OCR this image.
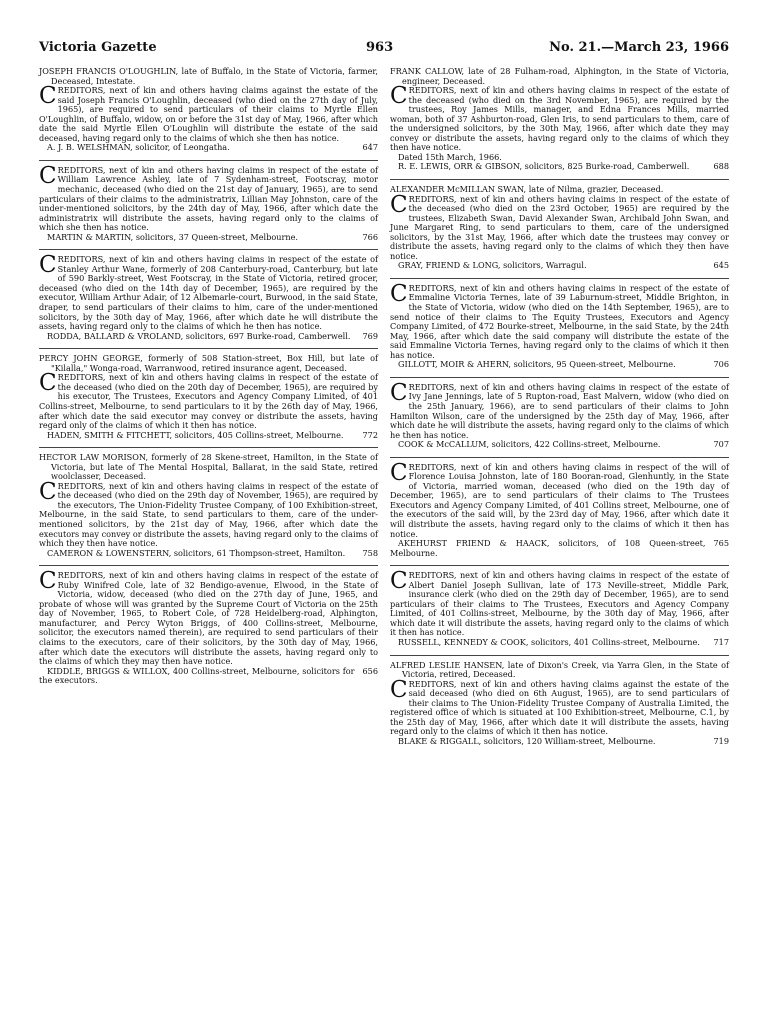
Victoria Gazette	963	No. 21.—March 23, 1966

JOSEPH FRANCIS O'LOUGHLIN, late of Buffalo, in the State of Victoria, farmer, Deceased, Intestate.

CREDITORS, next of kin and others having claims against the estate of the said Joseph Francis O'Loughlin, deceased (who died on the 27th day of July, 1965), are required to send particulars of their claims to Myrtle Ellen O'Loughlin, of Buffalo, widow, on or before the 31st day of May, 1966, after which date the said Myrtle Ellen O'Loughlin will distribute the estate of the said deceased, having regard only to the claims of which she then has notice.

647
A. J. B. WELSHMAN, solicitor, of Leongatha.

CREDITORS, next of kin and others having claims in respect of the estate of William Lawrence Ashley, late of 7 Sydenham-street, Footscray, motor mechanic, deceased (who died on the 21st day of January, 1965), are to send particulars of their claims to the administratrix, Lillian May Johnston, care of the under-mentioned solicitors, by the 24th day of May, 1966, after which date the administratrix will distribute the assets, having regard only to the claims of which she then has notice.

766
MARTIN & MARTIN, solicitors, 37 Queen-street, Melbourne.

CREDITORS, next of kin and others having claims in respect of the estate of Stanley Arthur Wane, formerly of 208 Canterbury-road, Canterbury, but late of 590 Barkly-street, West Footscray, in the State of Victoria, retired grocer, deceased (who died on the 14th day of December, 1965), are required by the executor, William Arthur Adair, of 12 Albemarle-court, Burwood, in the said State, draper, to send particulars of their claims to him, care of the under-mentioned solicitors, by the 30th day of May, 1966, after which date he will distribute the assets, having regard only to the claims of which he then has notice.

769
RODDA, BALLARD & VROLAND, solicitors, 697 Burke-road, Camberwell.

PERCY JOHN GEORGE, formerly of 508 Station-street, Box Hill, but late of "Kilalla," Wonga-road, Warranwood, retired insurance agent, Deceased.

CREDITORS, next of kin and others having claims in respect of the estate of the deceased (who died on the 20th day of December, 1965), are required by his executor, The Trustees, Executors and Agency Company Limited, of 401 Collins-street, Melbourne, to send particulars to it by the 26th day of May, 1966, after which date the said executor may convey or distribute the assets, having regard only of the claims of which it then has notice.

772
HADEN, SMITH & FITCHETT, solicitors, 405 Collins-street, Melbourne.

HECTOR LAW MORISON, formerly of 28 Skene-street, Hamilton, in the State of Victoria, but late of The Mental Hospital, Ballarat, in the said State, retired woolclasser, Deceased.

CREDITORS, next of kin and others having claims in respect of the estate of the deceased (who died on the 29th day of November, 1965), are required by the executors, The Union-Fidelity Trustee Company, of 100 Exhibition-street, Melbourne, in the said State, to send particulars to them, care of the under-mentioned solicitors, by the 21st day of May, 1966, after which date the executors may convey or distribute the assets, having regard only to the claims of which they then have notice.

758
CAMERON & LOWENSTERN, solicitors, 61 Thompson-street, Hamilton.

CREDITORS, next of kin and others having claims in respect of the estate of Ruby Winifred Cole, late of 32 Bendigo-avenue, Elwood, in the State of Victoria, widow, deceased (who died on the 27th day of June, 1965, and probate of whose will was granted by the Supreme Court of Victoria on the 25th day of November, 1965, to Robert Cole, of 728 Heidelberg-road, Alphington, manufacturer, and Percy Wyton Briggs, of 400 Collins-street, Melbourne, solicitor, the executors named therein), are required to send particulars of their claims to the executors, care of their solicitors, by the 30th day of May, 1966, after which date the executors will distribute the assets, having regard only to the claims of which they may then have notice.

656
KIDDLE, BRIGGS & WILLOX, 400 Collins-street, Melbourne, solicitors for the executors.

FRANK CALLOW, late of 28 Fulham-road, Alphington, in the State of Victoria, engineer, Deceased.

CREDITORS, next of kin and others having claims in respect of the estate of the deceased (who died on the 3rd November, 1965), are required by the trustees, Roy James Mills, manager, and Edna Frances Mills, married woman, both of 37 Ashburton-road, Glen Iris, to send particulars to them, care of the undersigned solicitors, by the 30th May, 1966, after which date they may convey or distribute the assets, having regard only to the claims of which they then have notice.

Dated 15th March, 1966.

688
R. E. LEWIS, ORR & GIBSON, solicitors, 825 Burke-road, Camberwell.

ALEXANDER McMILLAN SWAN, late of Nilma, grazier, Deceased.

CREDITORS, next of kin and others having claims in respect of the estate of the deceased (who died on the 23rd October, 1965) are required by the trustees, Elizabeth Swan, David Alexander Swan, Archibald John Swan, and June Margaret Ring, to send particulars to them, care of the undersigned solicitors, by the 31st May, 1966, after which date the trustees may convey or distribute the assets, having regard only to the claims of which they then have notice.

645
GRAY, FRIEND & LONG, solicitors, Warragul.

CREDITORS, next of kin and others having claims in respect of the estate of Emmaline Victoria Ternes, late of 39 Laburnum-street, Middle Brighton, in the State of Victoria, widow (who died on the 14th September, 1965), are to send notice of their claims to The Equity Trustees, Executors and Agency Company Limited, of 472 Bourke-street, Melbourne, in the said State, by the 24th May, 1966, after which date the said company will distribute the estate of the said Emmaline Victoria Ternes, having regard only to the claims of which it then has notice.

706
GILLOTT, MOIR & AHERN, solicitors, 95 Queen-street, Melbourne.

CREDITORS, next of kin and others having claims in respect of the estate of Ivy Jane Jennings, late of 5 Rupton-road, East Malvern, widow (who died on the 25th January, 1966), are to send particulars of their claims to John Hamilton Wilson, care of the undersigned by the 25th day of May, 1966, after which date he will distribute the assets, having regard only to the claims of which he then has notice.

707
COOK & McCALLUM, solicitors, 422 Collins-street, Melbourne.

CREDITORS, next of kin and others having claims in respect of the will of Florence Louisa Johnston, late of 180 Booran-road, Glenhuntly, in the State of Victoria, married woman, deceased (who died on the 19th day of December, 1965), are to send particulars of their claims to The Trustees Executors and Agency Company Limited, of 401 Collins street, Melbourne, one of the executors of the said will, by the 23rd day of May, 1966, after which date it will distribute the assets, having regard only to the claims of which it then has notice.

765
AKEHURST FRIEND & HAACK, solicitors, of 108 Queen-street, Melbourne.

CREDITORS, next of kin and others having claims in respect of the estate of Albert Daniel Joseph Sullivan, late of 173 Neville-street, Middle Park, insurance clerk (who died on the 29th day of December, 1965), are to send particulars of their claims to The Trustees, Executors and Agency Company Limited, of 401 Collins-street, Melbourne, by the 30th day of May, 1966, after which date it will distribute the assets, having regard only to the claims of which it then has notice.

717
RUSSELL, KENNEDY & COOK, solicitors, 401 Collins-street, Melbourne.

ALFRED LESLIE HANSEN, late of Dixon's Creek, via Yarra Glen, in the State of Victoria, retired, Deceased.

CREDITORS, next of kin and others having claims against the estate of the said deceased (who died on 6th August, 1965), are to send particulars of their claims to The Union-Fidelity Trustee Company of Australia Limited, the registered office of which is situated at 100 Exhibition-street, Melbourne, C.1, by the 25th day of May, 1966, after which date it will distribute the assets, having regard only to the claims of which it then has notice.

719
BLAKE & RIGGALL, solicitors, 120 William-street, Melbourne.
